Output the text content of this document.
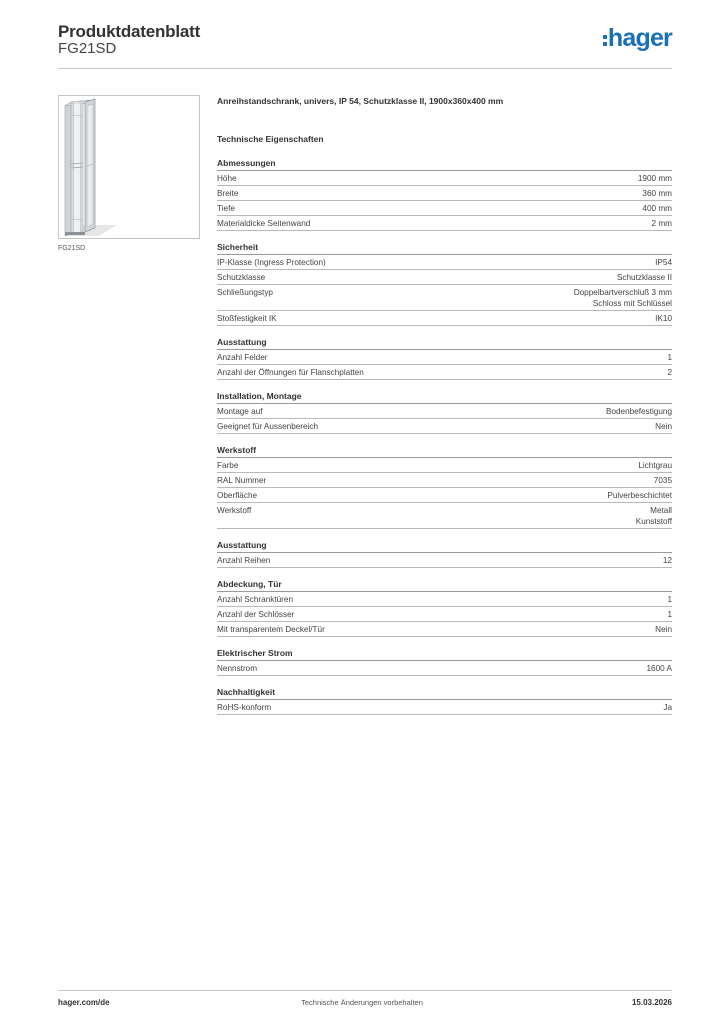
Produktdatenblatt
FG21SD	hager
FG21SD
Anreihstandschrank, univers, IP 54, Schutzklasse II, 1900x360x400 mm
Technische Eigenschaften
Abmessungen
Höhe	1900 mm
Breite	360 mm
Tiefe	400 mm
Materialdicke Seitenwand	2 mm
Sicherheit
IP-Klasse (Ingress Protection)	IP54
Schutzklasse	Schutzklasse II
Schließungstyp	Doppelbartverschluß 3 mm
Schloss mit Schlüssel
Stoßfestigkeit IK	IK10
Ausstattung
Anzahl Felder	1
Anzahl der Öffnungen für Flanschplatten	2
Installation, Montage
Montage auf	Bodenbefestigung
Geeignet für Aussenbereich	Nein
Werkstoff
Farbe	Lichtgrau
RAL Nummer	7035
Oberfläche	Pulverbeschichtet
Werkstoff	Metall
Kunststoff
Ausstattung
Anzahl Reihen	12
Abdeckung, Tür
Anzahl Schranktüren	1
Anzahl der Schlösser	1
Mit transparentem Deckel/Tür	Nein
Elektrischer Strom
Nennstrom	1600 A
Nachhaltigkeit
RoHS-konform	Ja
hager.com/de	Technische Änderungen vorbehalten	15.03.2026
